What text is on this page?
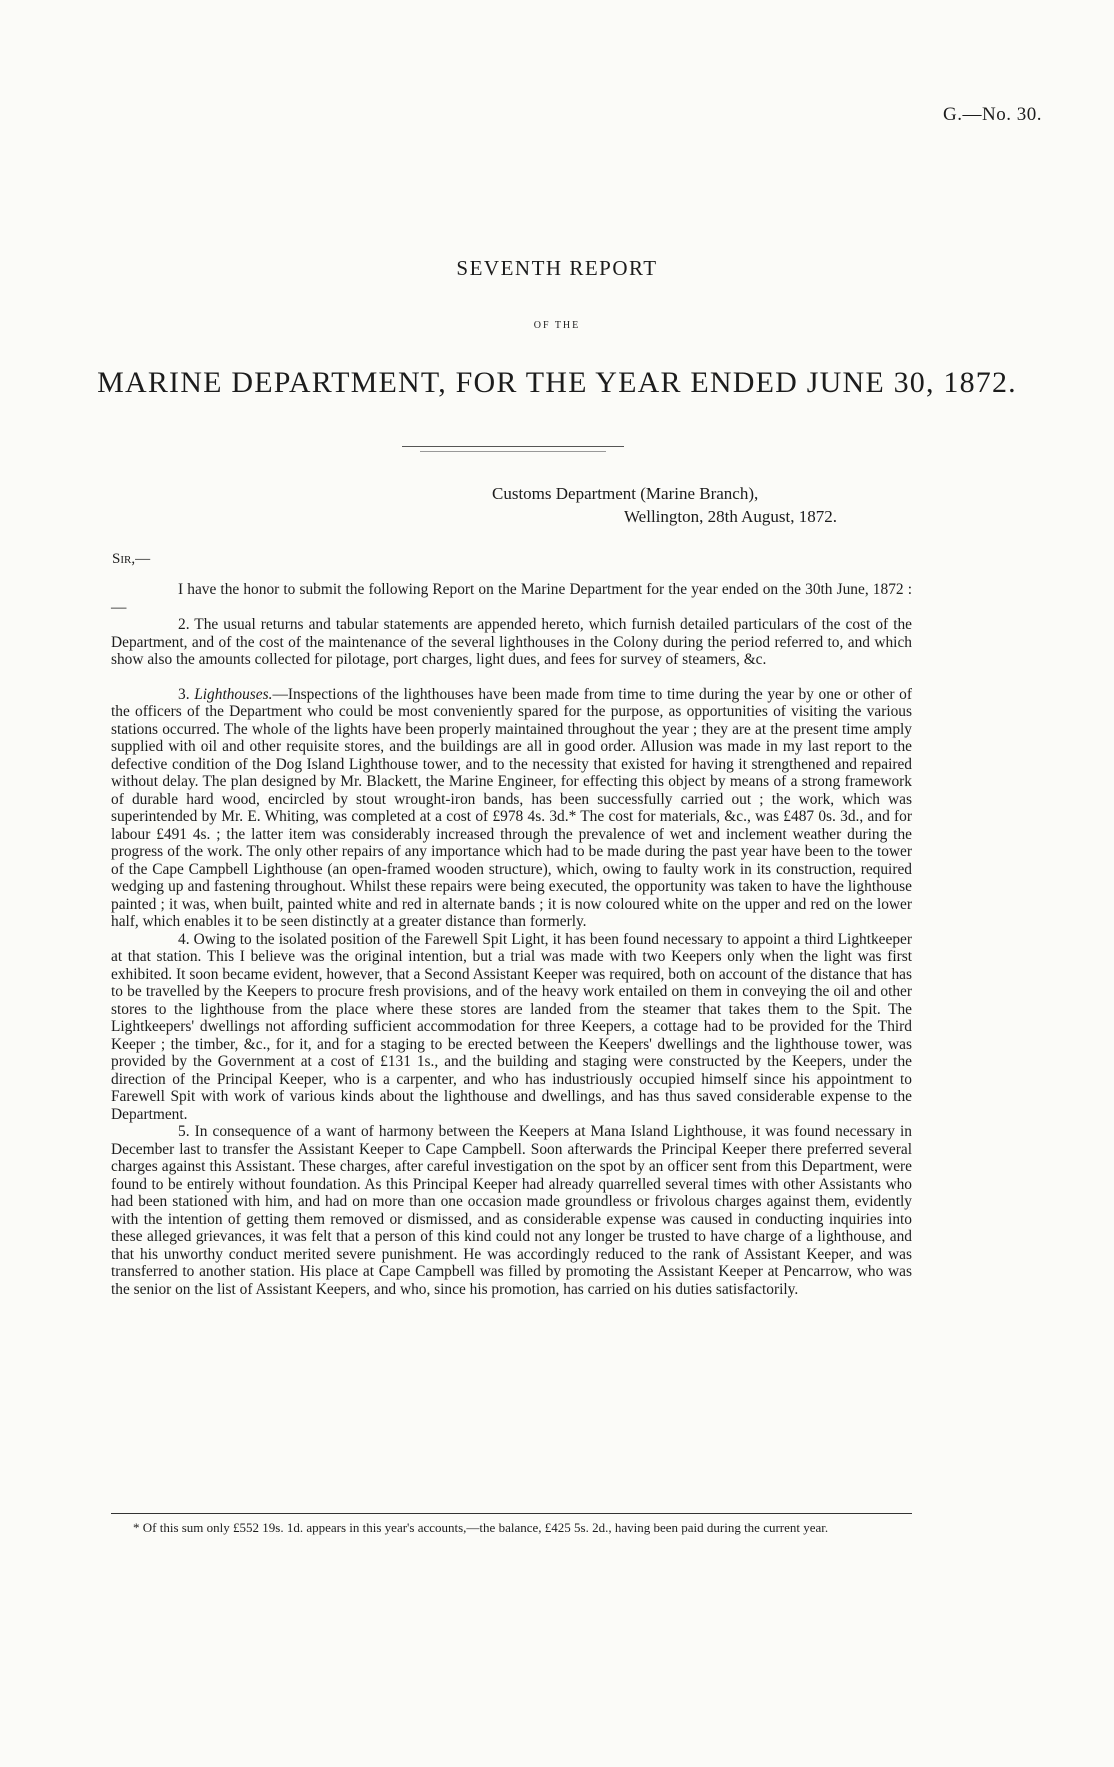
G.—No. 30.
SEVENTH REPORT
OF THE
MARINE DEPARTMENT, FOR THE YEAR ENDED JUNE 30, 1872.
Customs Department (Marine Branch),
Wellington, 28th August, 1872.
Sir,—

I have the honor to submit the following Report on the Marine Department for the year ended on the 30th June, 1872 :—

2. The usual returns and tabular statements are appended hereto, which furnish detailed particulars of the cost of the Department, and of the cost of the maintenance of the several lighthouses in the Colony during the period referred to, and which show also the amounts collected for pilotage, port charges, light dues, and fees for survey of steamers, &c.

3. Lighthouses.—Inspections of the lighthouses have been made from time to time during the year by one or other of the officers of the Department who could be most conveniently spared for the purpose, as opportunities of visiting the various stations occurred. The whole of the lights have been properly maintained throughout the year ; they are at the present time amply supplied with oil and other requisite stores, and the buildings are all in good order. Allusion was made in my last report to the defective condition of the Dog Island Lighthouse tower, and to the necessity that existed for having it strengthened and repaired without delay. The plan designed by Mr. Blackett, the Marine Engineer, for effecting this object by means of a strong framework of durable hard wood, encircled by stout wrought-iron bands, has been successfully carried out ; the work, which was superintended by Mr. E. Whiting, was completed at a cost of £978 4s. 3d.* The cost for materials, &c., was £487 0s. 3d., and for labour £491 4s. ; the latter item was considerably increased through the prevalence of wet and inclement weather during the progress of the work. The only other repairs of any importance which had to be made during the past year have been to the tower of the Cape Campbell Lighthouse (an open-framed wooden structure), which, owing to faulty work in its construction, required wedging up and fastening throughout. Whilst these repairs were being executed, the opportunity was taken to have the lighthouse painted ; it was, when built, painted white and red in alternate bands ; it is now coloured white on the upper and red on the lower half, which enables it to be seen distinctly at a greater distance than formerly.

4. Owing to the isolated position of the Farewell Spit Light, it has been found necessary to appoint a third Lightkeeper at that station. This I believe was the original intention, but a trial was made with two Keepers only when the light was first exhibited. It soon became evident, however, that a Second Assistant Keeper was required, both on account of the distance that has to be travelled by the Keepers to procure fresh provisions, and of the heavy work entailed on them in conveying the oil and other stores to the lighthouse from the place where these stores are landed from the steamer that takes them to the Spit. The Lightkeepers' dwellings not affording sufficient accommodation for three Keepers, a cottage had to be provided for the Third Keeper ; the timber, &c., for it, and for a staging to be erected between the Keepers' dwellings and the lighthouse tower, was provided by the Government at a cost of £131 1s., and the building and staging were constructed by the Keepers, under the direction of the Principal Keeper, who is a carpenter, and who has industriously occupied himself since his appointment to Farewell Spit with work of various kinds about the lighthouse and dwellings, and has thus saved considerable expense to the Department.

5. In consequence of a want of harmony between the Keepers at Mana Island Lighthouse, it was found necessary in December last to transfer the Assistant Keeper to Cape Campbell. Soon afterwards the Principal Keeper there preferred several charges against this Assistant. These charges, after careful investigation on the spot by an officer sent from this Department, were found to be entirely without foundation. As this Principal Keeper had already quarrelled several times with other Assistants who had been stationed with him, and had on more than one occasion made groundless or frivolous charges against them, evidently with the intention of getting them removed or dismissed, and as considerable expense was caused in conducting inquiries into these alleged grievances, it was felt that a person of this kind could not any longer be trusted to have charge of a lighthouse, and that his unworthy conduct merited severe punishment. He was accordingly reduced to the rank of Assistant Keeper, and was transferred to another station. His place at Cape Campbell was filled by promoting the Assistant Keeper at Pencarrow, who was the senior on the list of Assistant Keepers, and who, since his promotion, has carried on his duties satisfactorily.

* Of this sum only £552 19s. 1d. appears in this year's accounts,—the balance, £425 5s. 2d., having been paid during the current year.
